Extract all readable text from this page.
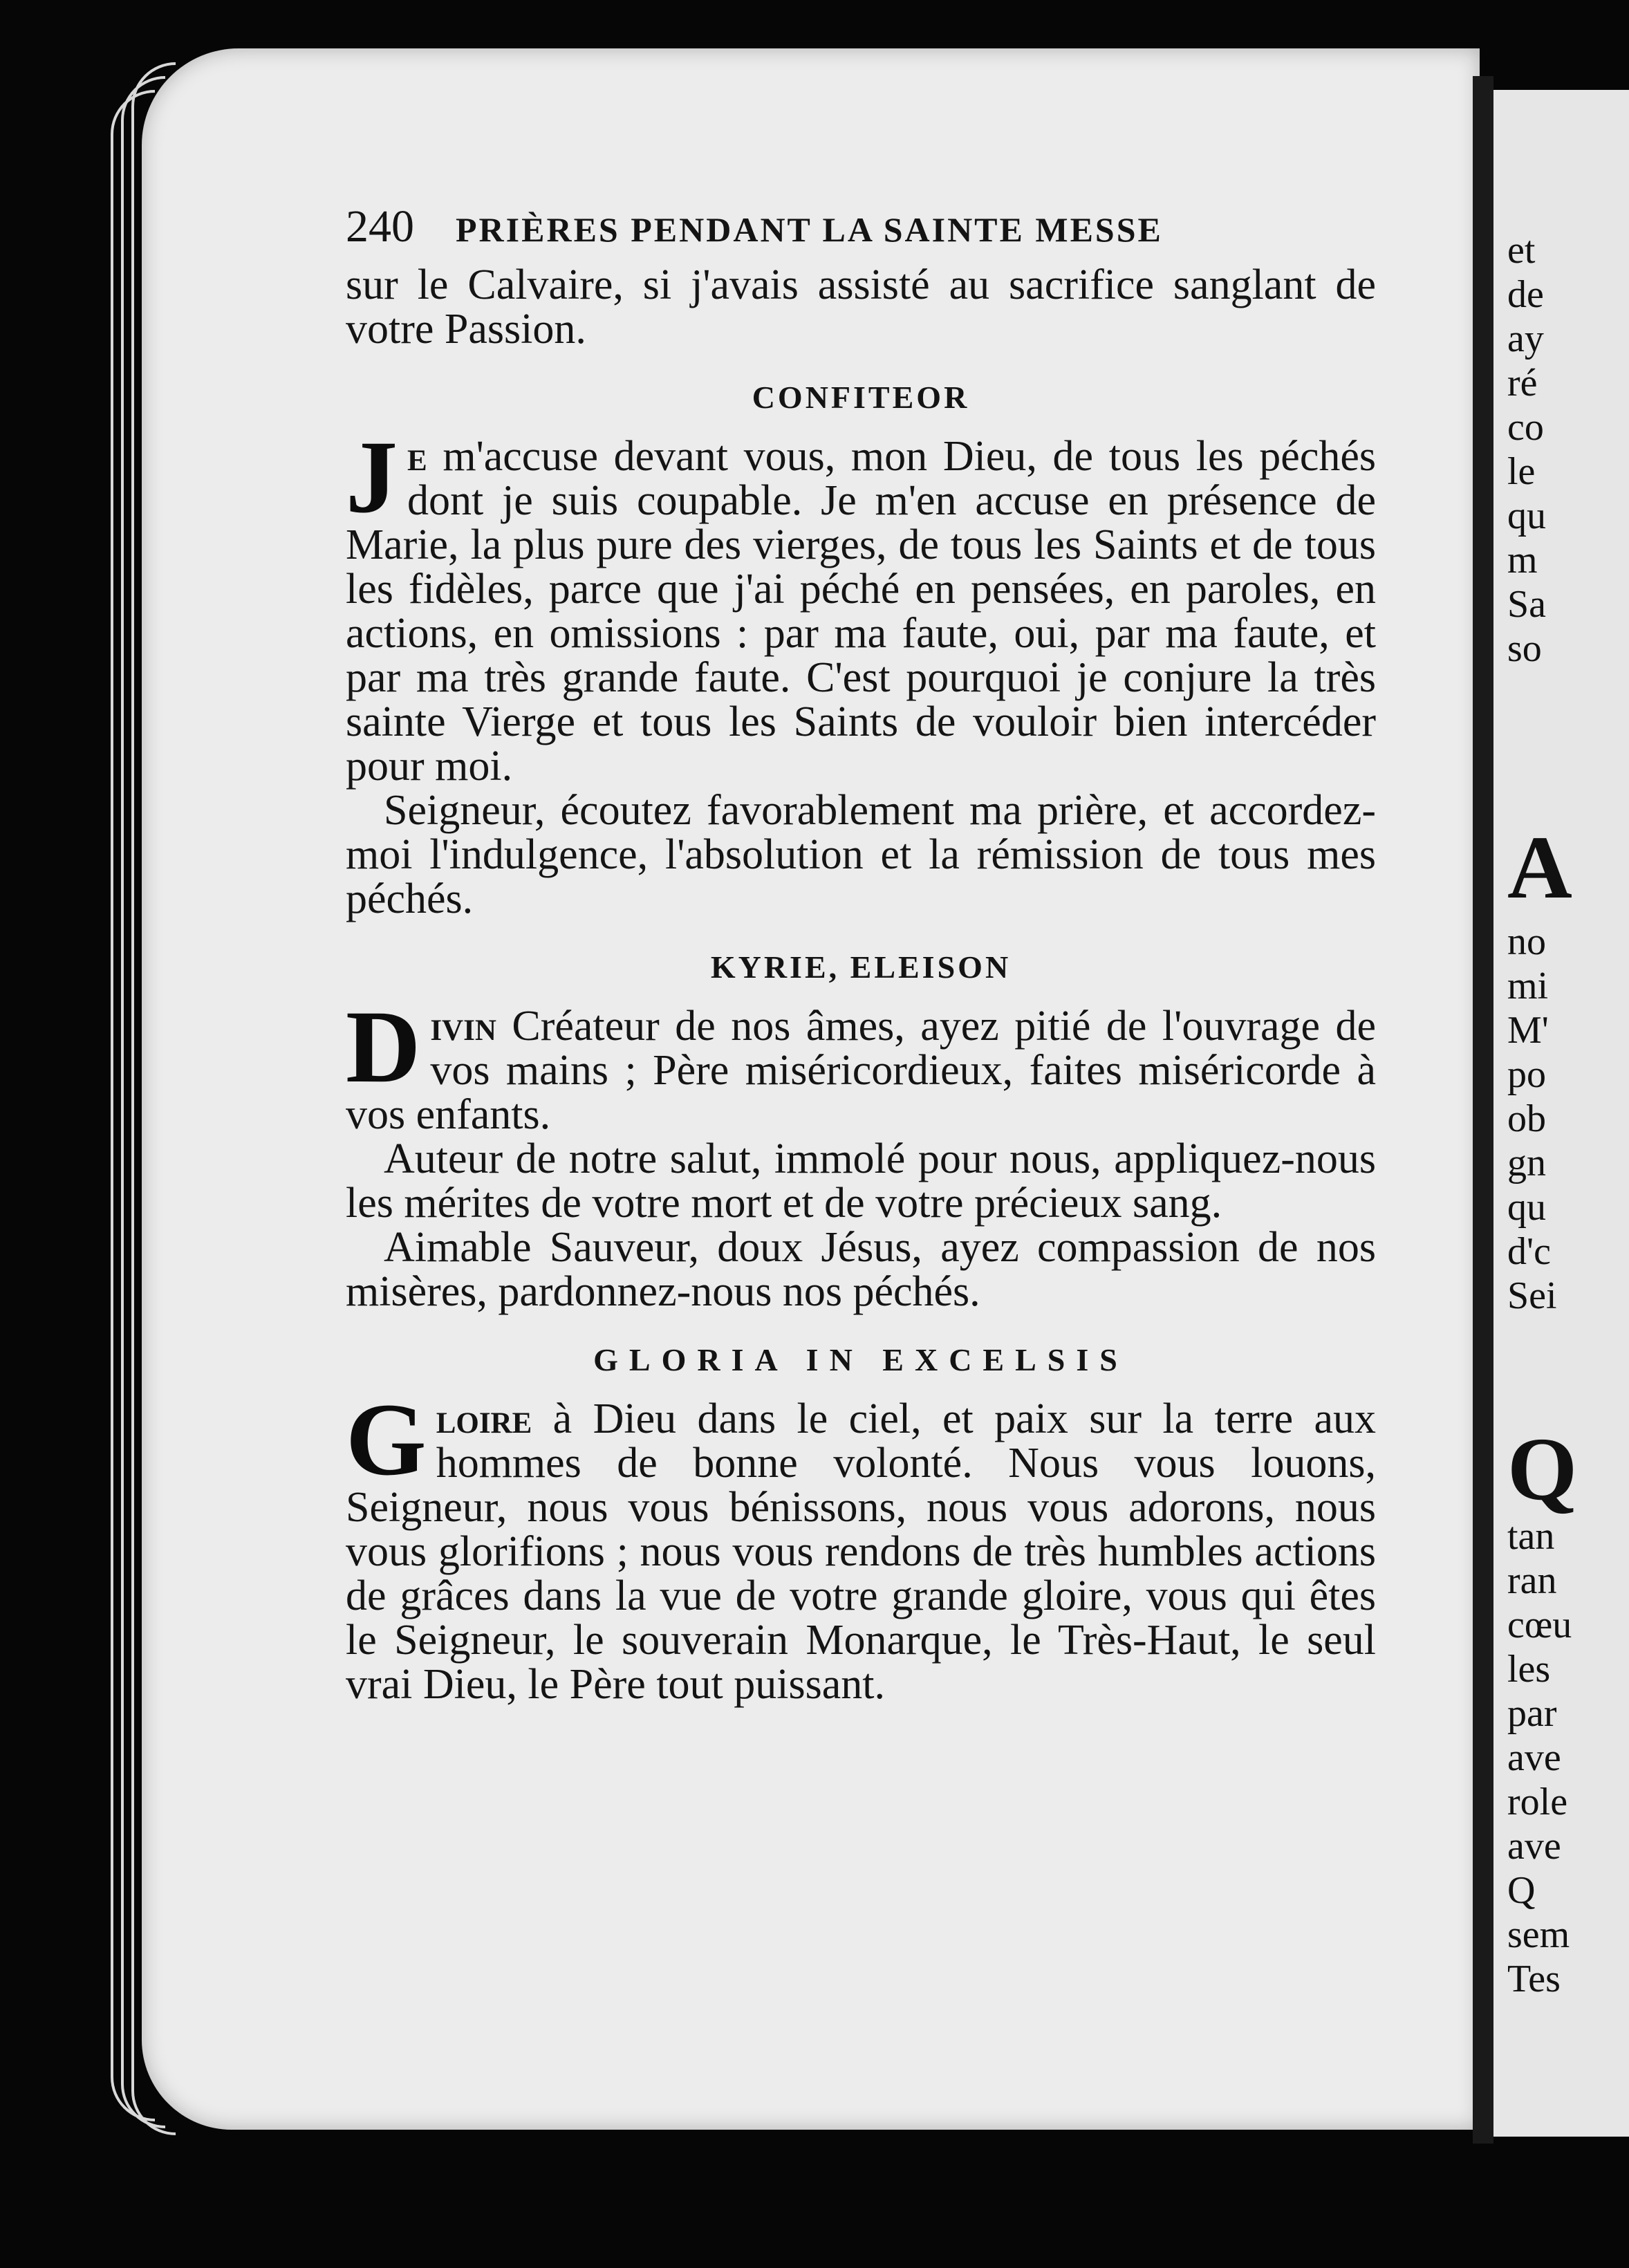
et
de
ay
ré
co
le
qu
m
Sa
so
A
no
mi
M'
po
ob
gn
qu
d'c
Sei
Q
tan
ran
cœu
les
par
ave
role
ave
Q
sem
Tes
240 PRIÈRES PENDANT LA SAINTE MESSE

sur le Calvaire, si j'avais assisté au sacrifice sanglant de votre Passion.

CONFITEOR

Je m'accuse devant vous, mon Dieu, de tous les péchés dont je suis coupable. Je m'en accuse en présence de Marie, la plus pure des vierges, de tous les Saints et de tous les fidèles, parce que j'ai péché en pensées, en paroles, en actions, en omissions : par ma faute, oui, par ma faute, et par ma très grande faute. C'est pourquoi je conjure la très sainte Vierge et tous les Saints de vouloir bien intercéder pour moi.

Seigneur, écoutez favorablement ma prière, et accordez-moi l'indulgence, l'absolution et la rémission de tous mes péchés.

KYRIE, ELEISON

Divin Créateur de nos âmes, ayez pitié de l'ouvrage de vos mains ; Père miséricordieux, faites miséricorde à vos enfants.

Auteur de notre salut, immolé pour nous, appliquez-nous les mérites de votre mort et de votre précieux sang.

Aimable Sauveur, doux Jésus, ayez compassion de nos misères, pardonnez-nous nos péchés.

GLORIA IN EXCELSIS

Gloire à Dieu dans le ciel, et paix sur la terre aux hommes de bonne volonté. Nous vous louons, Seigneur, nous vous bénissons, nous vous adorons, nous vous glorifions ; nous vous rendons de très humbles actions de grâces dans la vue de votre grande gloire, vous qui êtes le Seigneur, le souverain Monarque, le Très-Haut, le seul vrai Dieu, le Père tout puissant.
